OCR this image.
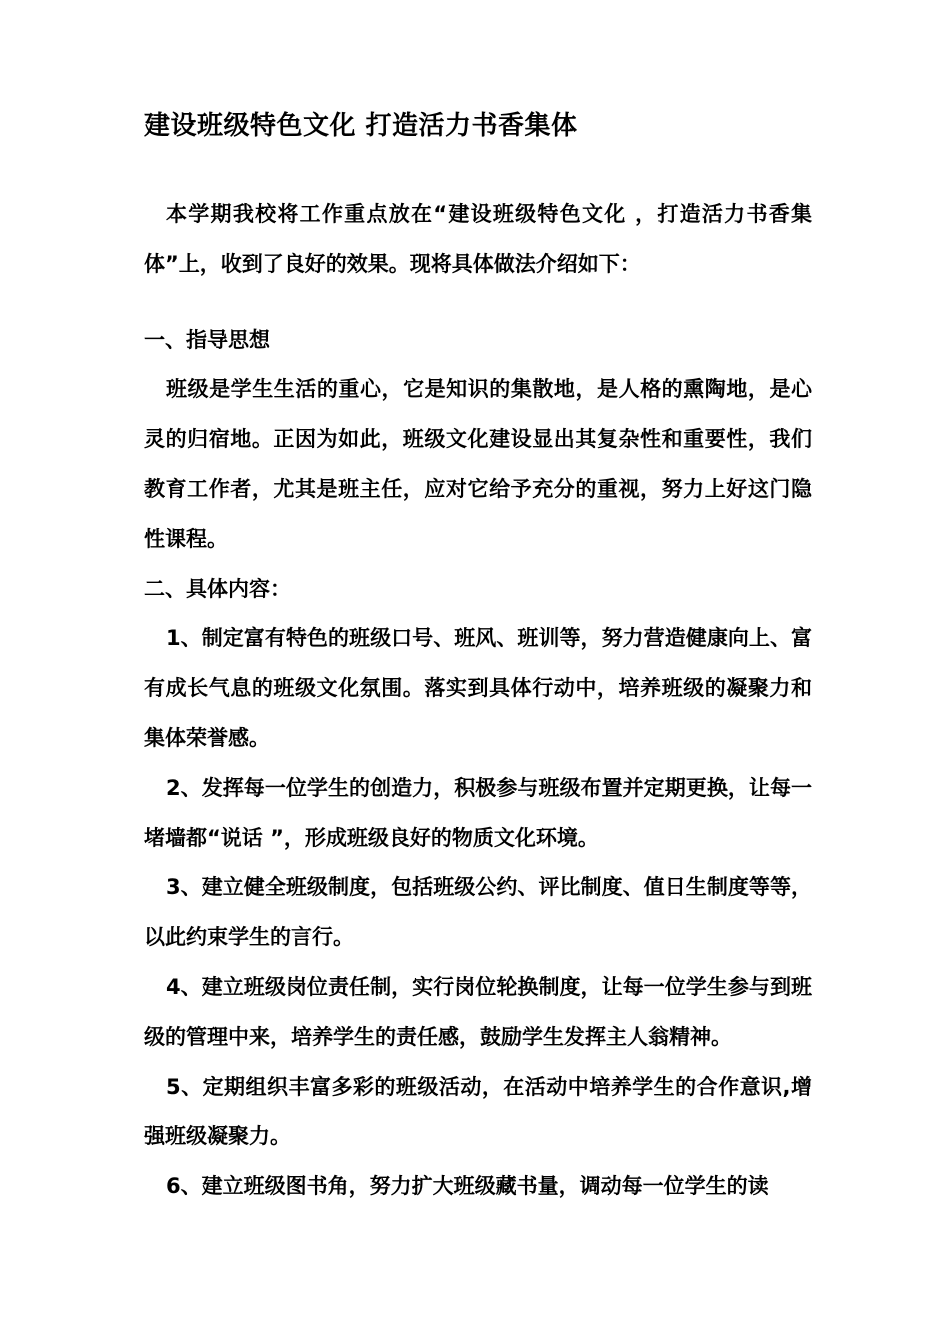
建设班级特色文化 打造活力书香集体

本学期我校将工作重点放在“建设班级特色文化 ，打造活力书香集体”上，收到了良好的效果。现将具体做法介绍如下：

一、指导思想

班级是学生生活的重心，它是知识的集散地，是人格的熏陶地，是心灵的归宿地。正因为如此，班级文化建设显出其复杂性和重要性，我们教育工作者，尤其是班主任，应对它给予充分的重视，努力上好这门隐性课程。

二、具体内容：

1、制定富有特色的班级口号、班风、班训等，努力营造健康向上、富有成长气息的班级文化氛围。落实到具体行动中，培养班级的凝聚力和集体荣誉感。

2、发挥每一位学生的创造力，积极参与班级布置并定期更换，让每一堵墙都“说话 ”，形成班级良好的物质文化环境。

3、建立健全班级制度，包括班级公约、评比制度、值日生制度等等，以此约束学生的言行。

4、建立班级岗位责任制，实行岗位轮换制度，让每一位学生参与到班级的管理中来，培养学生的责任感，鼓励学生发挥主人翁精神。

5、定期组织丰富多彩的班级活动，在活动中培养学生的合作意识,增强班级凝聚力。

6、建立班级图书角，努力扩大班级藏书量，调动每一位学生的读
